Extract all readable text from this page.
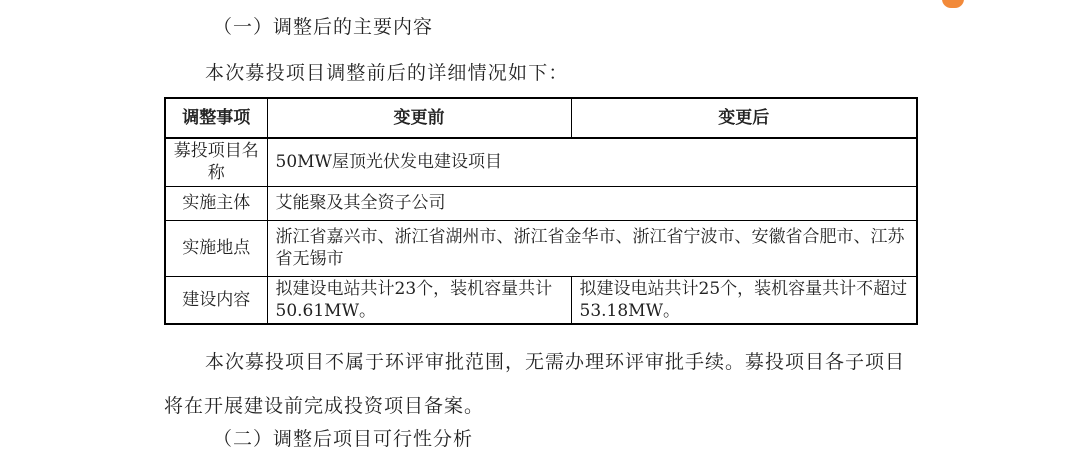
（一）调整后的主要内容
本次募投项目调整前后的详细情况如下：
调整事项	变更前	变更后
募投项目名称	50MW屋顶光伏发电建设项目	
实施主体	艾能聚及其全资子公司	
实施地点	浙江省嘉兴市、浙江省湖州市、浙江省金华市、浙江省宁波市、安徽省合肥市、江苏省无锡市	
建设内容	拟建设电站共计23个，装机容量共计50.61MW。	拟建设电站共计25个，装机容量共计不超过53.18MW。
本次募投项目不属于环评审批范围，无需办理环评审批手续。募投项目各子项目将在开展建设前完成投资项目备案。
（二）调整后项目可行性分析
